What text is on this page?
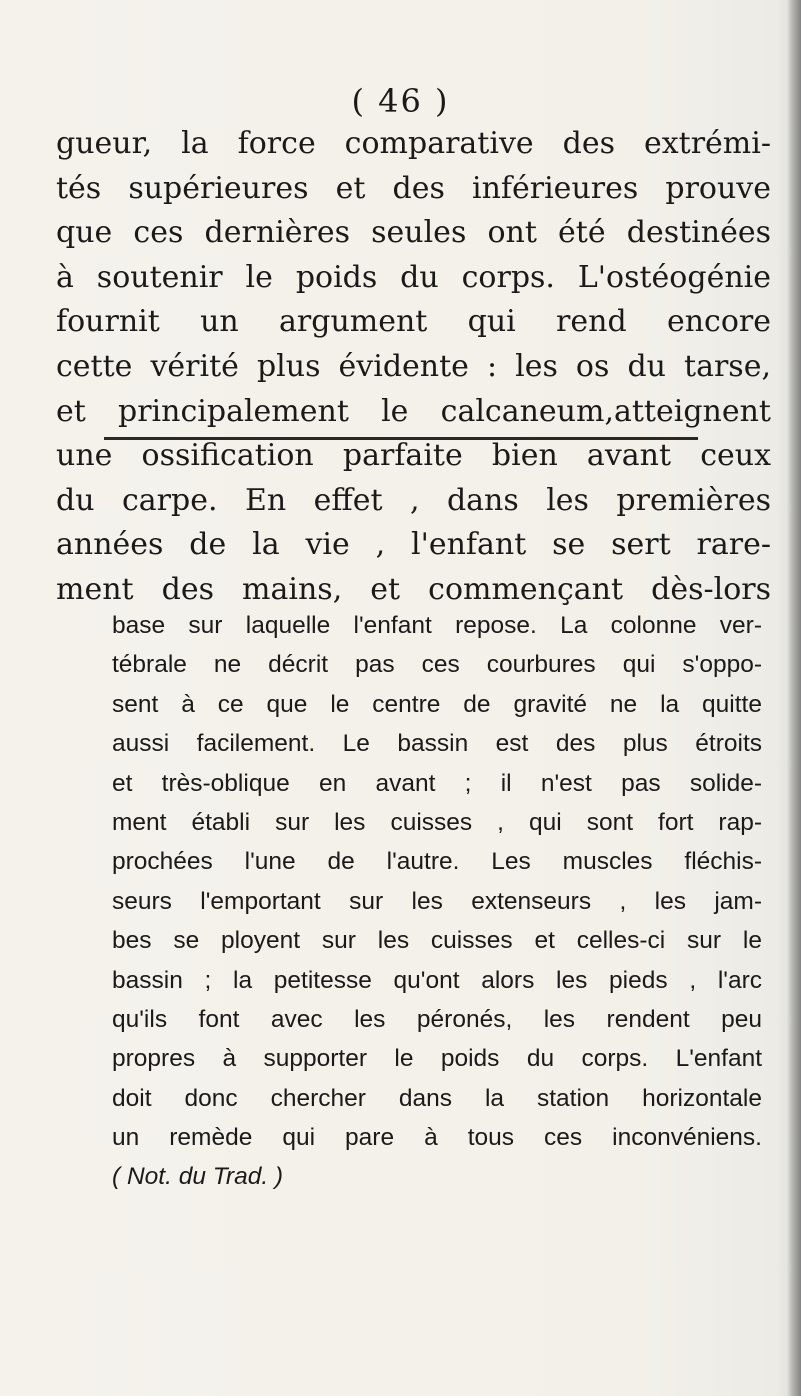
( 46 )
gueur, la force comparative des extrémi-
tés supérieures et des inférieures prouve
que ces dernières seules ont été destinées
à soutenir le poids du corps. L'ostéogénie
fournit un argument qui rend encore
cette vérité plus évidente : les os du tarse,
et principalement le calcaneum,atteignent
une ossification parfaite bien avant ceux
du carpe. En effet , dans les premières
années de la vie , l'enfant se sert rare-
ment des mains, et commençant dès-lors
base sur laquelle l'enfant repose. La colonne ver-
tébrale ne décrit pas ces courbures qui s'oppo-
sent à ce que le centre de gravité ne la quitte
aussi facilement. Le bassin est des plus étroits
et très-oblique en avant ; il n'est pas solide-
ment établi sur les cuisses , qui sont fort rap-
prochées l'une de l'autre. Les muscles fléchis-
seurs l'emportant sur les extenseurs , les jam-
bes se ployent sur les cuisses et celles-ci sur le
bassin ; la petitesse qu'ont alors les pieds , l'arc
qu'ils font avec les péronés, les rendent peu
propres à supporter le poids du corps. L'enfant
doit donc chercher dans la station horizontale
un remède qui pare à tous ces inconvéniens.
( Not. du Trad. )
